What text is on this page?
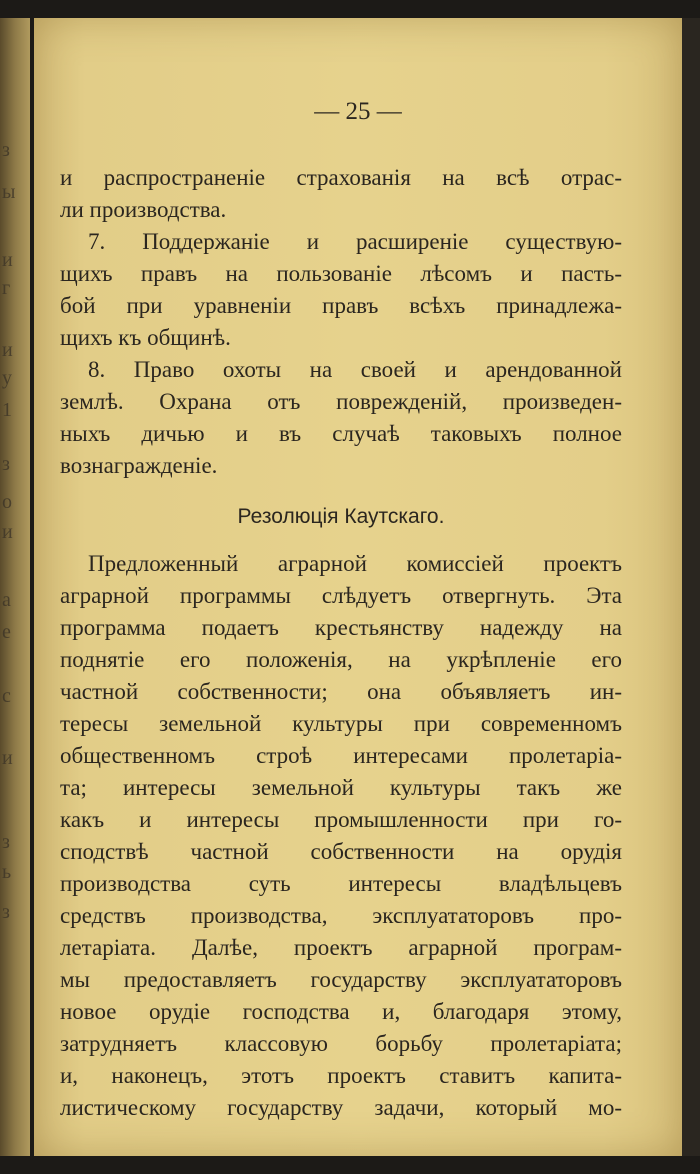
з
ы
и
г
и
у
1
з
о
и
а
е
с
и
з
ь
з
— 25 —
и распространеніе страхованія на всѣ отрас-
ли производства.
7. Поддержаніе и расширеніе существую-
щихъ правъ на пользованіе лѣсомъ и пасть-
бой при уравненіи правъ всѣхъ принадлежа-
щихъ къ общинѣ.
8. Право охоты на своей и арендованной
землѣ. Охрана отъ поврежденій, произведен-
ныхъ дичью и въ случаѣ таковыхъ полное
вознагражденіе.
Резолюція Каутскаго.
Предложенный аграрной комиссіей проектъ
аграрной программы слѣдуетъ отвергнуть. Эта
программа подаетъ крестьянству надежду на
поднятіе его положенія, на укрѣпленіе его
частной собственности; она объявляетъ ин-
тересы земельной культуры при современномъ
общественномъ строѣ интересами пролетаріа-
та; интересы земельной культуры такъ же
какъ и интересы промышленности при го-
сподствѣ частной собственности на орудія
производства суть интересы владѣльцевъ
средствъ производства, эксплуататоровъ про-
летаріата. Далѣе, проектъ аграрной програм-
мы предоставляетъ государству эксплуататоровъ
новое орудіе господства и, благодаря этому,
затрудняетъ классовую борьбу пролетаріата;
и, наконецъ, этотъ проектъ ставитъ капита-
листическому государству задачи, который мо-
